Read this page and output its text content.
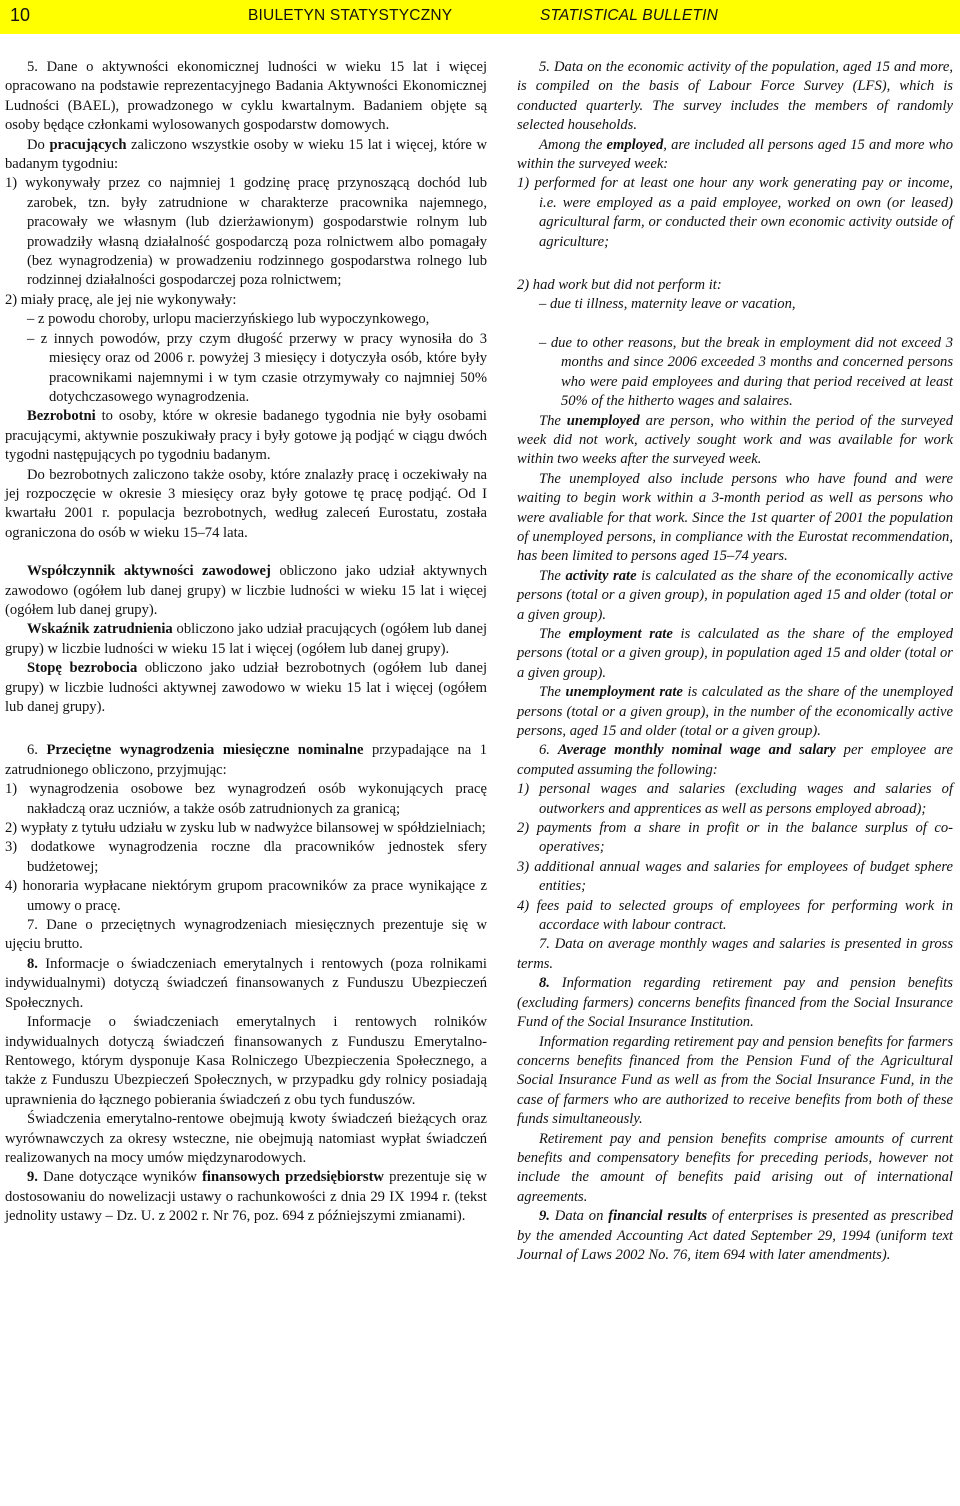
10	BIULETYN STATYSTYCZNY	STATISTICAL BULLETIN

5. Dane o aktywności ekonomicznej ludności w wieku 15 lat i więcej opracowano na podstawie reprezentacyjnego Badania Aktywności Ekonomicznej Ludności (BAEL), prowadzonego w cyklu kwartalnym. Badaniem objęte są osoby będące członkami wylosowanych gospodarstw domowych.

Do pracujących zaliczono wszystkie osoby w wieku 15 lat i więcej, które w badanym tygodniu:

1) wykonywały przez co najmniej 1 godzinę pracę przynoszącą dochód lub zarobek, tzn. były zatrudnione w charakterze pracownika najemnego, pracowały we własnym (lub dzierżawionym) gospodarstwie rolnym lub prowadziły własną działalność gospodarczą poza rolnictwem albo pomagały (bez wynagrodzenia) w prowadzeniu rodzinnego gospodarstwa rolnego lub rodzinnej działalności gospodarczej poza rolnictwem;

2) miały pracę, ale jej nie wykonywały:

– z powodu choroby, urlopu macierzyńskiego lub wypoczynkowego,

– z innych powodów, przy czym długość przerwy w pracy wynosiła do 3 miesięcy oraz od 2006 r. powyżej 3 miesięcy i dotyczyła osób, które były pracownikami najemnymi i w tym czasie otrzymywały co najmniej 50% dotychczasowego wynagrodzenia.

Bezrobotni to osoby, które w okresie badanego tygodnia nie były osobami pracującymi, aktywnie poszukiwały pracy i były gotowe ją podjąć w ciągu dwóch tygodni następujących po tygodniu badanym.

Do bezrobotnych zaliczono także osoby, które znalazły pracę i oczekiwały na jej rozpoczęcie w okresie 3 miesięcy oraz były gotowe tę pracę podjąć. Od I kwartału 2001 r. populacja bezrobotnych, według zaleceń Eurostatu, została ograniczona do osób w wieku 15–74 lata.

Współczynnik aktywności zawodowej obliczono jako udział aktywnych zawodowo (ogółem lub danej grupy) w liczbie ludności w wieku 15 lat i więcej (ogółem lub danej grupy).

Wskaźnik zatrudnienia obliczono jako udział pracujących (ogółem lub danej grupy) w liczbie ludności w wieku 15 lat i więcej (ogółem lub danej grupy).

Stopę bezrobocia obliczono jako udział bezrobotnych (ogółem lub danej grupy) w liczbie ludności aktywnej zawodowo w wieku 15 lat i więcej (ogółem lub danej grupy).

6. Przeciętne wynagrodzenia miesięczne nominalne przypadające na 1 zatrudnionego obliczono, przyjmując:

1) wynagrodzenia osobowe bez wynagrodzeń osób wykonujących pracę nakładczą oraz uczniów, a także osób zatrudnionych za granicą;

2) wypłaty z tytułu udziału w zysku lub w nadwyżce bilansowej w spółdzielniach;

3) dodatkowe wynagrodzenia roczne dla pracowników jednostek sfery budżetowej;

4) honoraria wypłacane niektórym grupom pracowników za prace wynikające z umowy o pracę.

7. Dane o przeciętnych wynagrodzeniach miesięcznych prezentuje się w ujęciu brutto.

8. Informacje o świadczeniach emerytalnych i rentowych (poza rolnikami indywidualnymi) dotyczą świadczeń finansowanych z Funduszu Ubezpieczeń Społecznych.

Informacje o świadczeniach emerytalnych i rentowych rolników indywidualnych dotyczą świadczeń finansowanych z Funduszu Emerytalno-Rentowego, którym dysponuje Kasa Rolniczego Ubezpieczenia Społecznego, a także z Funduszu Ubezpieczeń Społecznych, w przypadku gdy rolnicy posiadają uprawnienia do łącznego pobierania świadczeń z obu tych funduszów.

Świadczenia emerytalno-rentowe obejmują kwoty świadczeń bieżących oraz wyrównawczych za okresy wsteczne, nie obejmują natomiast wypłat świadczeń realizowanych na mocy umów międzynarodowych.

9. Dane dotyczące wyników finansowych przedsiębiorstw prezentuje się w dostosowaniu do nowelizacji ustawy o rachunkowości z dnia 29 IX 1994 r. (tekst jednolity ustawy – Dz. U. z 2002 r. Nr 76, poz. 694 z późniejszymi zmianami).

5. Data on the economic activity of the population, aged 15 and more, is compiled on the basis of Labour Force Survey (LFS), which is conducted quarterly. The survey includes the members of randomly selected households.

Among the employed, are included all persons aged 15 and more who within the surveyed week:

1) performed for at least one hour any work generating pay or income, i.e. were employed as a paid employee, worked on own (or leased) agricultural farm, or conducted their own economic activity outside of agriculture;

2) had work but did not perform it:

– due ti illness, maternity leave or vacation,

– due to other reasons, but the break in employment did not exceed 3 months and since 2006 exceeded 3 months and concerned persons who were paid employees and during that period received at least 50% of the hitherto wages and salaires.

The unemployed are person, who within the period of the surveyed week did not work, actively sought work and was available for work within two weeks after the surveyed week.

The unemployed also include persons who have found and were waiting to begin work within a 3-month period as well as persons who were avaliable for that work. Since the 1st quarter of 2001 the population of unemployed persons, in compliance with the Eurostat recommendation, has been limited to persons aged 15–74 years.

The activity rate is calculated as the share of the economically active persons (total or a given group), in population aged 15 and older (total or a given group).

The employment rate is calculated as the share of the employed persons (total or a given group), in population aged 15 and older (total or a given group).

The unemployment rate is calculated as the share of the unemployed persons (total or a given group), in the number of the economically active persons, aged 15 and older (total or a given group).

6. Average monthly nominal wage and salary per employee are computed assuming the following:

1) personal wages and salaries (excluding wages and salaries of outworkers and apprentices as well as persons employed abroad);

2) payments from a share in profit or in the balance surplus of co-operatives;

3) additional annual wages and salaries for employees of budget sphere entities;

4) fees paid to selected groups of employees for performing work in accordace with labour contract.

7. Data on average monthly wages and salaries is presented in gross terms.

8. Information regarding retirement pay and pension benefits (excluding farmers) concerns benefits financed from the Social Insurance Fund of the Social Insurance Institution.

Information regarding retirement pay and pension benefits for farmers concerns benefits financed from the Pension Fund of the Agricultural Social Insurance Fund as well as from the Social Insurance Fund, in the case of farmers who are authorized to receive benefits from both of these funds simultaneously.

Retirement pay and pension benefits comprise amounts of current benefits and compensatory benefits for preceding periods, however not include the amount of benefits paid arising out of international agreements.

9. Data on financial results of enterprises is presented as prescribed by the amended Accounting Act dated September 29, 1994 (uniform text Journal of Laws 2002 No. 76, item 694 with later amendments).
